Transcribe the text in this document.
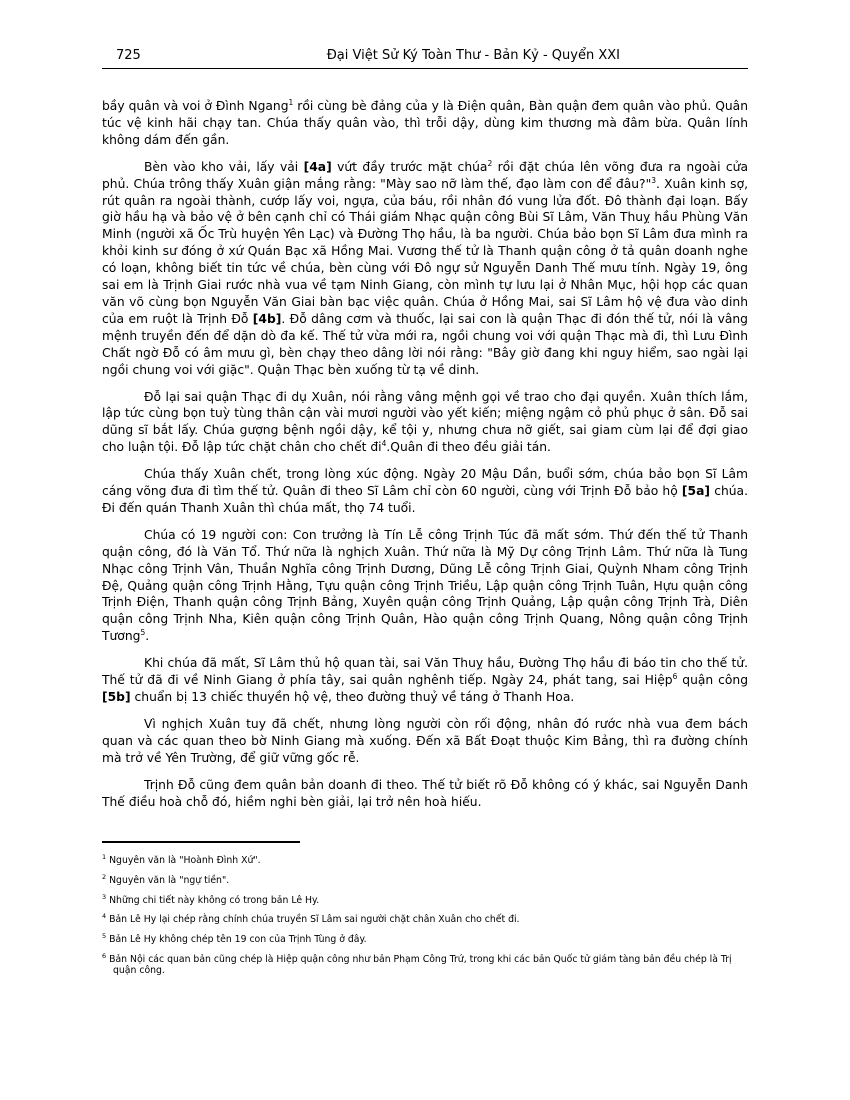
725	Đại Việt Sử Ký Toàn Thư - Bản Kỷ - Quyển XXI

bầy quân và voi ở Đình Ngang$^1$ rồi cùng bè đảng của y là Điện quân, Bàn quận đem quân vào phủ. Quân túc vệ kinh hãi chạy tan. Chúa thấy quân vào, thì trỗi dậy, dùng kim thương mà đâm bừa. Quân lính không dám đến gần.

Bèn vào kho vải, lấy vải [4a] vứt đầy trước mặt chúa$^2$ rồi đặt chúa lên võng đưa ra ngoài cửa phủ. Chúa trông thấy Xuân giận mắng rằng: "Mày sao nỡ làm thế, đạo làm con để đâu?"$^3$. Xuân kinh sợ, rút quân ra ngoài thành, cướp lấy voi, ngựa, của báu, rồi nhân đó vung lửa đốt. Đô thành đại loạn. Bấy giờ hầu hạ và bảo vệ ở bên cạnh chỉ có Thái giám Nhạc quận công Bùi Sĩ Lâm, Văn Thuỵ hầu Phùng Văn Minh (người xã Ốc Trù huyện Yên Lạc) và Đường Thọ hầu, là ba người. Chúa bảo bọn Sĩ Lâm đưa mình ra khỏi kinh sư đóng ở xứ Quán Bạc xã Hồng Mai. Vương thế tử là Thanh quận công ở tả quân doanh nghe có loạn, không biết tin tức về chúa, bèn cùng với Đô ngự sử Nguyễn Danh Thế mưu tính. Ngày 19, ông sai em là Trịnh Giai rước nhà vua về tạm Ninh Giang, còn mình tự lưu lại ở Nhân Mục, hội họp các quan văn võ cùng bọn Nguyễn Văn Giai bàn bạc việc quân. Chúa ở Hồng Mai, sai Sĩ Lâm hộ vệ đưa vào dinh của em ruột là Trịnh Đỗ [4b]. Đỗ dâng cơm và thuốc, lại sai con là quận Thạc đi đón thế tử, nói là vâng mệnh truyền đến để dặn dò đa kế. Thế tử vừa mới ra, ngồi chung voi với quận Thạc mà đi, thì Lưu Đình Chất ngờ Đỗ có âm mưu gì, bèn chạy theo dâng lời nói rằng: "Bây giờ đang khi nguy hiểm, sao ngài lại ngồi chung voi với giặc". Quận Thạc bèn xuống từ tạ về dinh.

Đỗ lại sai quận Thạc đi dụ Xuân, nói rằng vâng mệnh gọi về trao cho đại quyền. Xuân thích lắm, lập tức cùng bọn tuỳ tùng thân cận vài mươi người vào yết kiến; miệng ngậm cỏ phủ phục ở sân. Đỗ sai dũng sĩ bắt lấy. Chúa gượng bệnh ngồi dậy, kể tội y, nhưng chưa nỡ giết, sai giam cùm lại để đợi giao cho luận tội. Đỗ lập tức chặt chân cho chết đi$^4$.Quân đi theo đều giải tán.

Chúa thấy Xuân chết, trong lòng xúc động. Ngày 20 Mậu Dần, buổi sớm, chúa bảo bọn Sĩ Lâm cáng võng đưa đi tìm thế tử. Quân đi theo Sĩ Lâm chỉ còn 60 người, cùng với Trịnh Đỗ bảo hộ [5a] chúa. Đi đến quán Thanh Xuân thì chúa mất, thọ 74 tuổi.

Chúa có 19 người con: Con trưởng là Tín Lễ công Trịnh Túc đã mất sớm. Thứ đến thế tử Thanh quận công, đó là Văn Tổ. Thứ nữa là nghịch Xuân. Thứ nữa là Mỹ Dự công Trịnh Lâm. Thứ nữa là Tung Nhạc công Trịnh Vân, Thuần Nghĩa công Trịnh Dương, Dũng Lễ công Trịnh Giai, Quỳnh Nham công Trịnh Đệ, Quảng quận công Trịnh Hằng, Tựu quận công Trịnh Triều, Lập quận công Trịnh Tuân, Hựu quận công Trịnh Điện, Thanh quận công Trịnh Bảng, Xuyên quận công Trịnh Quảng, Lập quận công Trịnh Trà, Diên quận công Trịnh Nha, Kiên quận công Trịnh Quân, Hào quận công Trịnh Quang, Nông quận công Trịnh Tương$^5$.

Khi chúa đã mất, Sĩ Lâm thủ hộ quan tài, sai Văn Thuỵ hầu, Đường Thọ hầu đi báo tin cho thế tử. Thế tử đã đi về Ninh Giang ở phía tây, sai quân nghênh tiếp. Ngày 24, phát tang, sai Hiệp$^6$ quận công [5b] chuẩn bị 13 chiếc thuyền hộ vệ, theo đường thuỷ về táng ở Thanh Hoa.

Vì nghịch Xuân tuy đã chết, nhưng lòng người còn rối động, nhân đó rước nhà vua đem bách quan và các quan theo bờ Ninh Giang mà xuống. Đến xã Bất Đoạt thuộc Kim Bảng, thì ra đường chính mà trở về Yên Trường, để giữ vững gốc rễ.

Trịnh Đỗ cũng đem quân bản doanh đi theo. Thế tử biết rõ Đỗ không có ý khác, sai Nguyễn Danh Thế điều hoà chỗ đó, hiềm nghi bèn giải, lại trở nên hoà hiếu.

$^1$ Nguyên văn là "Hoành Đình Xứ".
$^2$ Nguyên văn là "ngự tiền".
$^3$ Những chi tiết này không có trong bản Lê Hy.
$^4$ Bản Lê Hy lại chép rằng chính chúa truyền Sĩ Lâm sai người chặt chân Xuân cho chết đi.
$^5$ Bản Lê Hy không chép tên 19 con của Trịnh Tùng ở đây.
$^6$ Bản Nội các quan bản cũng chép là Hiệp quận công như bản Phạm Công Trứ, trong khi các bản Quốc tử giám tàng bản đều chép là Trị quận công.
